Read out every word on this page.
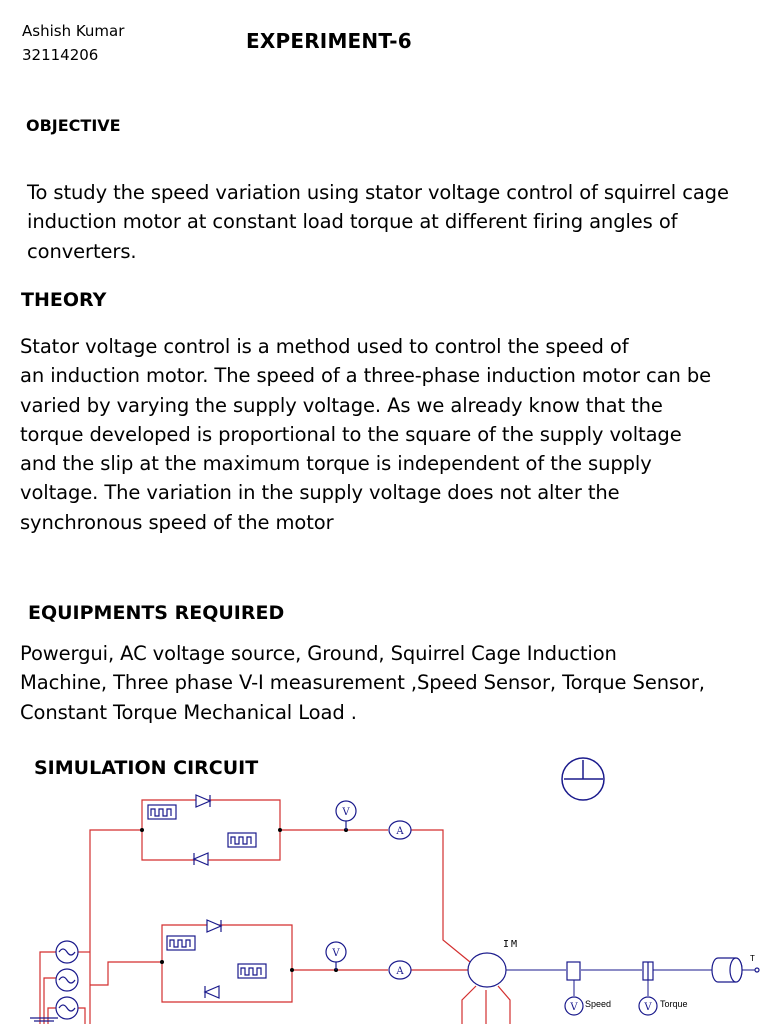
Ashish Kumar
32114206
EXPERIMENT-6
OBJECTIVE
To study the speed variation using stator voltage control of squirrel cage
induction motor at constant load torque at different firing angles of
converters.
THEORY
Stator voltage control is a method used to control the speed of
an induction motor. The speed of a three-phase induction motor can be
varied by varying the supply voltage. As we already know that the
torque developed is proportional to the square of the supply voltage
and the slip at the maximum torque is independent of the supply
voltage. The variation in the supply voltage does not alter the
synchronous speed of the motor
EQUIPMENTS REQUIRED
Powergui, AC voltage source, Ground, Squirrel Cage Induction
Machine, Three phase V-I measurement ,Speed Sensor, Torque Sensor,
Constant Torque Mechanical Load .
SIMULATION CIRCUIT
V
A
V
A
IM
V Speed	V Torque
T
